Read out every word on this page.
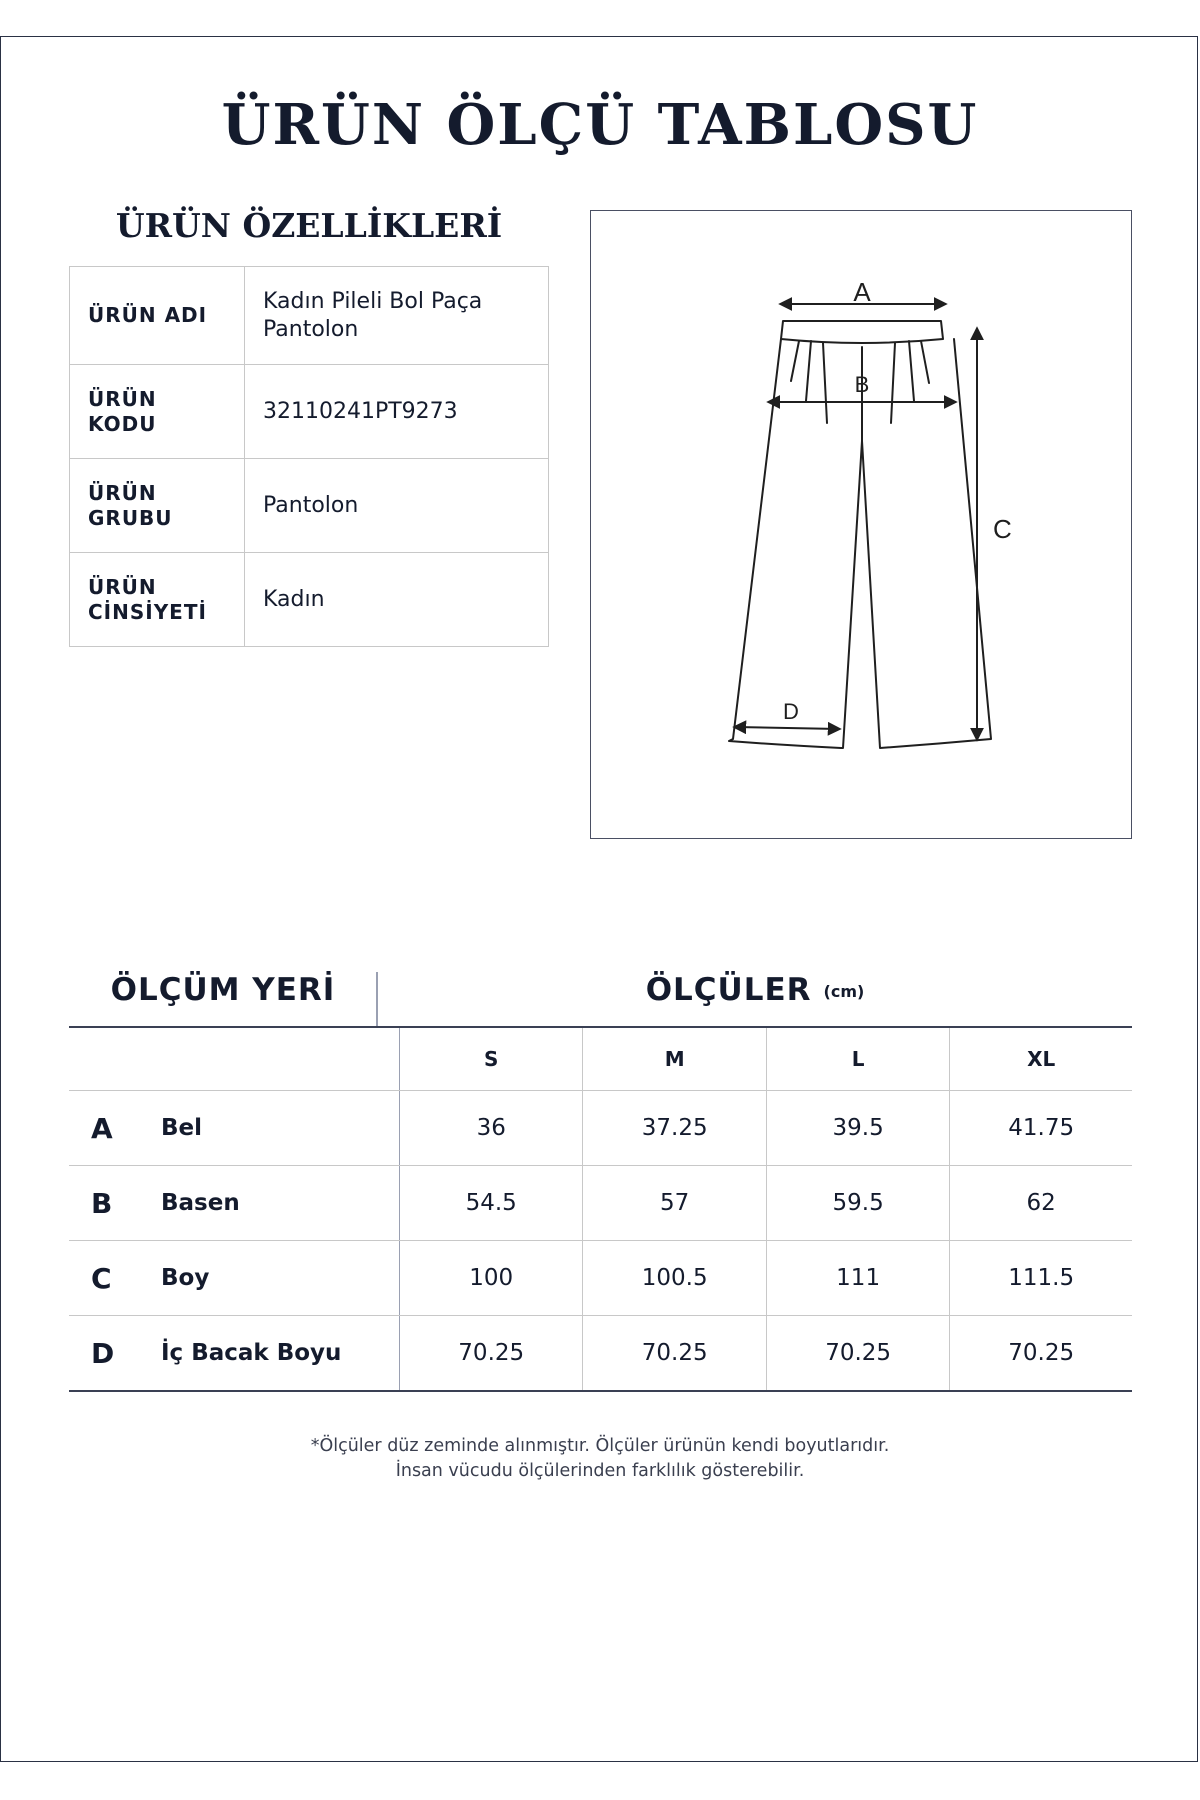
ÜRÜN ÖLÇÜ TABLOSU
ÜRÜN ÖZELLİKLERİ
ÜRÜN ADI	Kadın Pileli Bol Paça Pantolon
ÜRÜN KODU	32110241PT9273
ÜRÜN GRUBU	Pantolon
ÜRÜN CİNSİYETİ	Kadın
A
B
C
D
ÖLÇÜM YERİ	ÖLÇÜLER (cm)
		S	M	L	XL
A	Bel	36	37.25	39.5	41.75
B	Basen	54.5	57	59.5	62
C	Boy	100	100.5	111	111.5
D	İç Bacak Boyu	70.25	70.25	70.25	70.25
*Ölçüler düz zeminde alınmıştır. Ölçüler ürünün kendi boyutlarıdır.
İnsan vücudu ölçülerinden farklılık gösterebilir.
